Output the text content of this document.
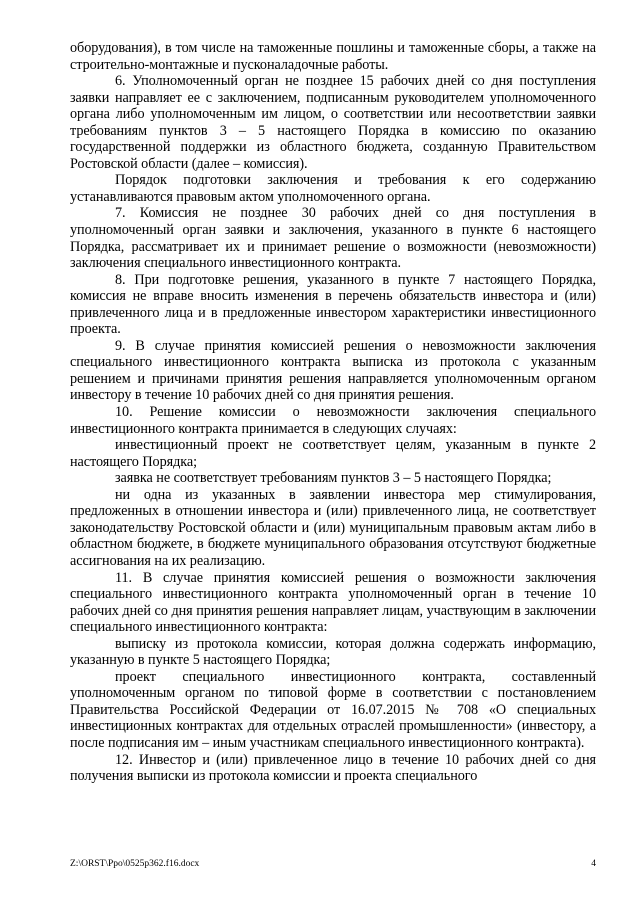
оборудования), в том числе на таможенные пошлины и таможенные сборы, а также на строительно-монтажные и пусконаладочные работы.

6. Уполномоченный орган не позднее 15 рабочих дней со дня поступления заявки направляет ее с заключением, подписанным руководителем уполномоченного органа либо уполномоченным им лицом, о соответствии или несоответствии заявки требованиям пунктов 3 – 5 настоящего Порядка в комиссию по оказанию государственной поддержки из областного бюджета, созданную Правительством Ростовской области (далее – комиссия).

Порядок подготовки заключения и требования к его содержанию устанавливаются правовым актом уполномоченного органа.

7. Комиссия не позднее 30 рабочих дней со дня поступления в уполномоченный орган заявки и заключения, указанного в пункте 6 настоящего Порядка, рассматривает их и принимает решение о возможности (невозможности) заключения специального инвестиционного контракта.

8. При подготовке решения, указанного в пункте 7 настоящего Порядка, комиссия не вправе вносить изменения в перечень обязательств инвестора и (или) привлеченного лица и в предложенные инвестором характеристики инвестиционного проекта.

9. В случае принятия комиссией решения о невозможности заключения специального инвестиционного контракта выписка из протокола с указанным решением и причинами принятия решения направляется уполномоченным органом инвестору в течение 10 рабочих дней со дня принятия решения.

10. Решение комиссии о невозможности заключения специального инвестиционного контракта принимается в следующих случаях:

инвестиционный проект не соответствует целям, указанным в пункте 2 настоящего Порядка;

заявка не соответствует требованиям пунктов 3 – 5 настоящего Порядка;

ни одна из указанных в заявлении инвестора мер стимулирования, предложенных в отношении инвестора и (или) привлеченного лица, не соответствует законодательству Ростовской области и (или) муниципальным правовым актам либо в областном бюджете, в бюджете муниципального образования отсутствуют бюджетные ассигнования на их реализацию.

11. В случае принятия комиссией решения о возможности заключения специального инвестиционного контракта уполномоченный орган в течение 10 рабочих дней со дня принятия решения направляет лицам, участвующим в заключении специального инвестиционного контракта:

выписку из протокола комиссии, которая должна содержать информацию, указанную в пункте 5 настоящего Порядка;

проект специального инвестиционного контракта, составленный уполномоченным органом по типовой форме в соответствии с постановлением Правительства Российской Федерации от 16.07.2015 № 708 «О специальных инвестиционных контрактах для отдельных отраслей промышленности» (инвестору, а после подписания им – иным участникам специального инвестиционного контракта).

12. Инвестор и (или) привлеченное лицо в течение 10 рабочих дней со дня получения выписки из протокола комиссии и проекта специального

Z:\ORST\Ppo\0525p362.f16.docx	4
